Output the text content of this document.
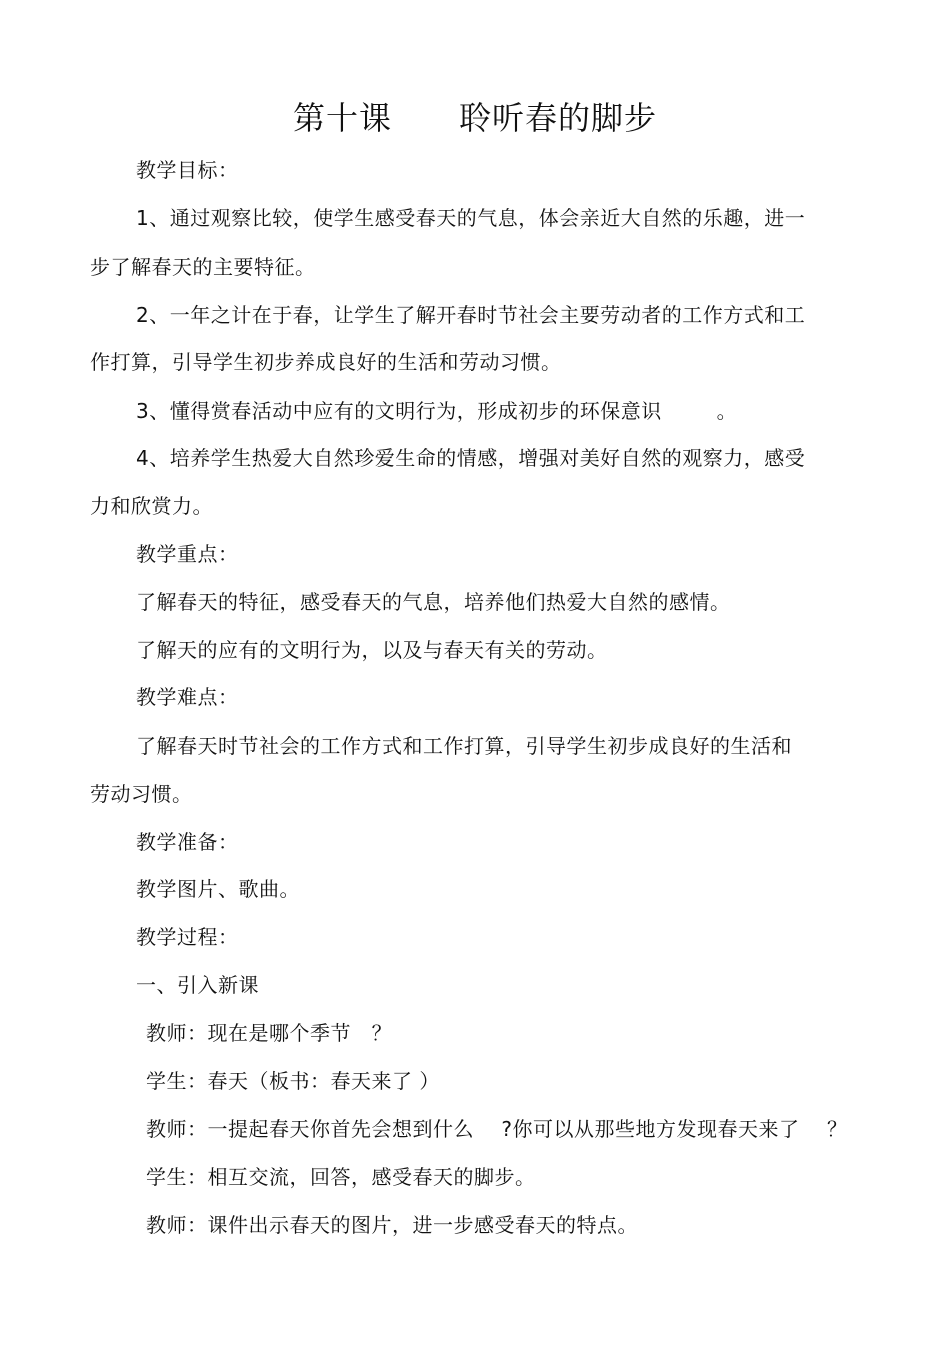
第十课      聆听春的脚步
教学目标：
1、通过观察比较，使学生感受春天的气息，体会亲近大自然的乐趣，进一
步了解春天的主要特征。
2、一年之计在于春，让学生了解开春时节社会主要劳动者的工作方式和工
作打算，引导学生初步养成良好的生活和劳动习惯。
3、懂得赏春活动中应有的文明行为，形成初步的环保意识        。
4、培养学生热爱大自然珍爱生命的情感，增强对美好自然的观察力，感受
力和欣赏力。
教学重点：
了解春天的特征，感受春天的气息，培养他们热爱大自然的感情。
了解天的应有的文明行为，以及与春天有关的劳动。
教学难点：
了解春天时节社会的工作方式和工作打算，引导学生初步成良好的生活和
劳动习惯。
教学准备：
教学图片、歌曲。
教学过程：
一、引入新课
教师：现在是哪个季节   ？
学生：春天（板书：春天来了 ）
教师：一提起春天你首先会想到什么    ?你可以从那些地方发现春天来了    ？
学生：相互交流，回答，感受春天的脚步。
教师：课件出示春天的图片，进一步感受春天的特点。
